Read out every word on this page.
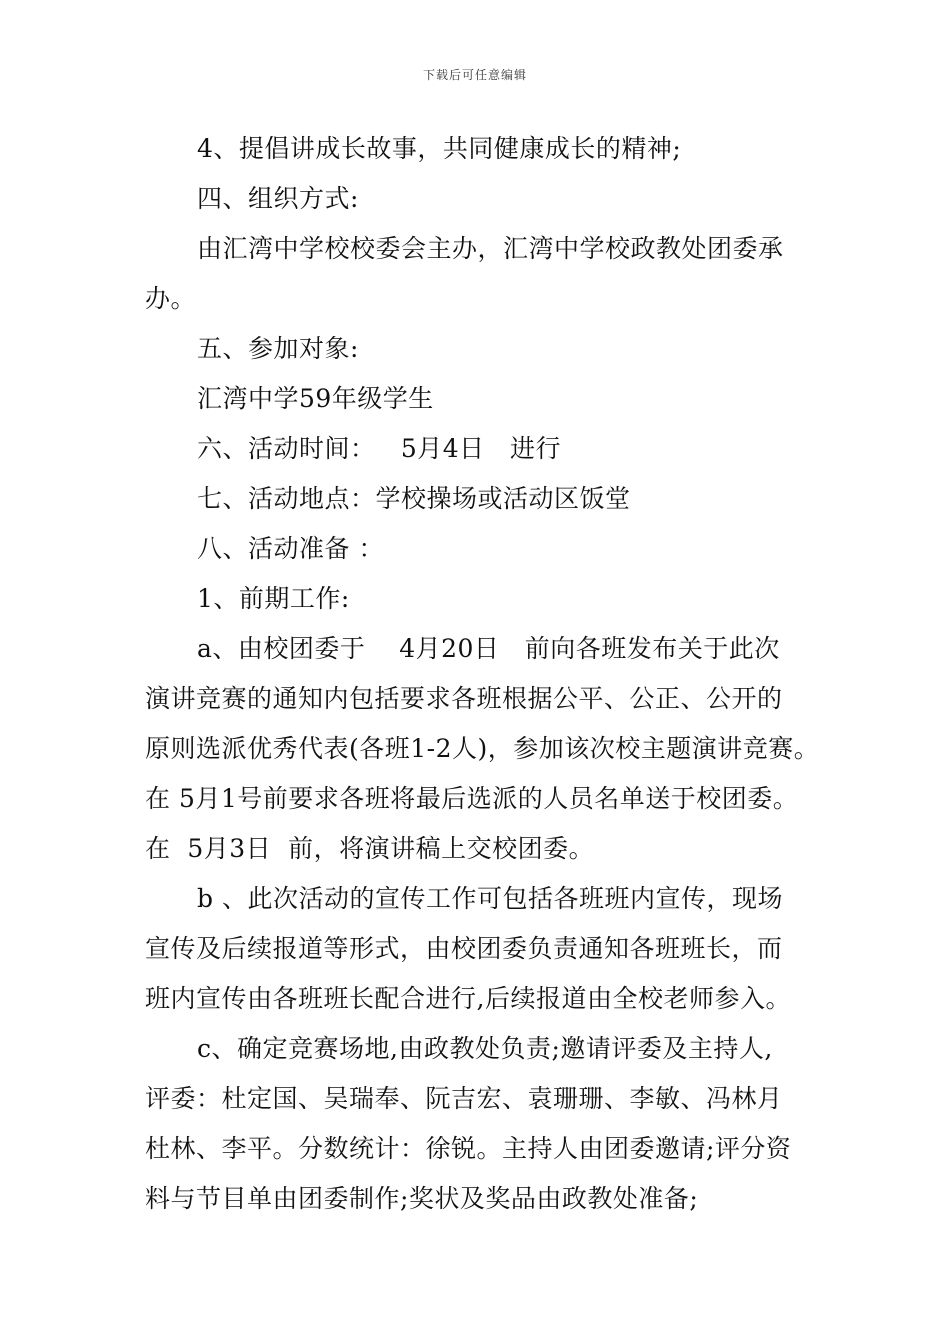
下载后可任意编辑
4、提倡讲成长故事，共同健康成长的精神;
四、组织方式:
由汇湾中学校校委会主办，汇湾中学校政教处团委承
办。
五、参加对象:
汇湾中学59年级学生
六、活动时间：   5月4日   进行
七、活动地点：学校操场或活动区饭堂
八、活动准备 ：
1、前期工作:
a、由校团委于    4月20日   前向各班发布关于此次
演讲竞赛的通知内包括要求各班根据公平、公正、公开的
原则选派优秀代表(各班1-2人)，参加该次校主题演讲竞赛。
在 5月1号前要求各班将最后选派的人员名单送于校团委。
在  5月3日  前，将演讲稿上交校团委。
b 、此次活动的宣传工作可包括各班班内宣传，现场
宣传及后续报道等形式，由校团委负责通知各班班长，而
班内宣传由各班班长配合进行,后续报道由全校老师参入。
c、确定竞赛场地,由政教处负责;邀请评委及主持人,
评委：杜定国、吴瑞奉、阮吉宏、袁珊珊、李敏、冯林月
杜林、李平。分数统计：徐锐。主持人由团委邀请;评分资
料与节目单由团委制作;奖状及奖品由政教处准备;
